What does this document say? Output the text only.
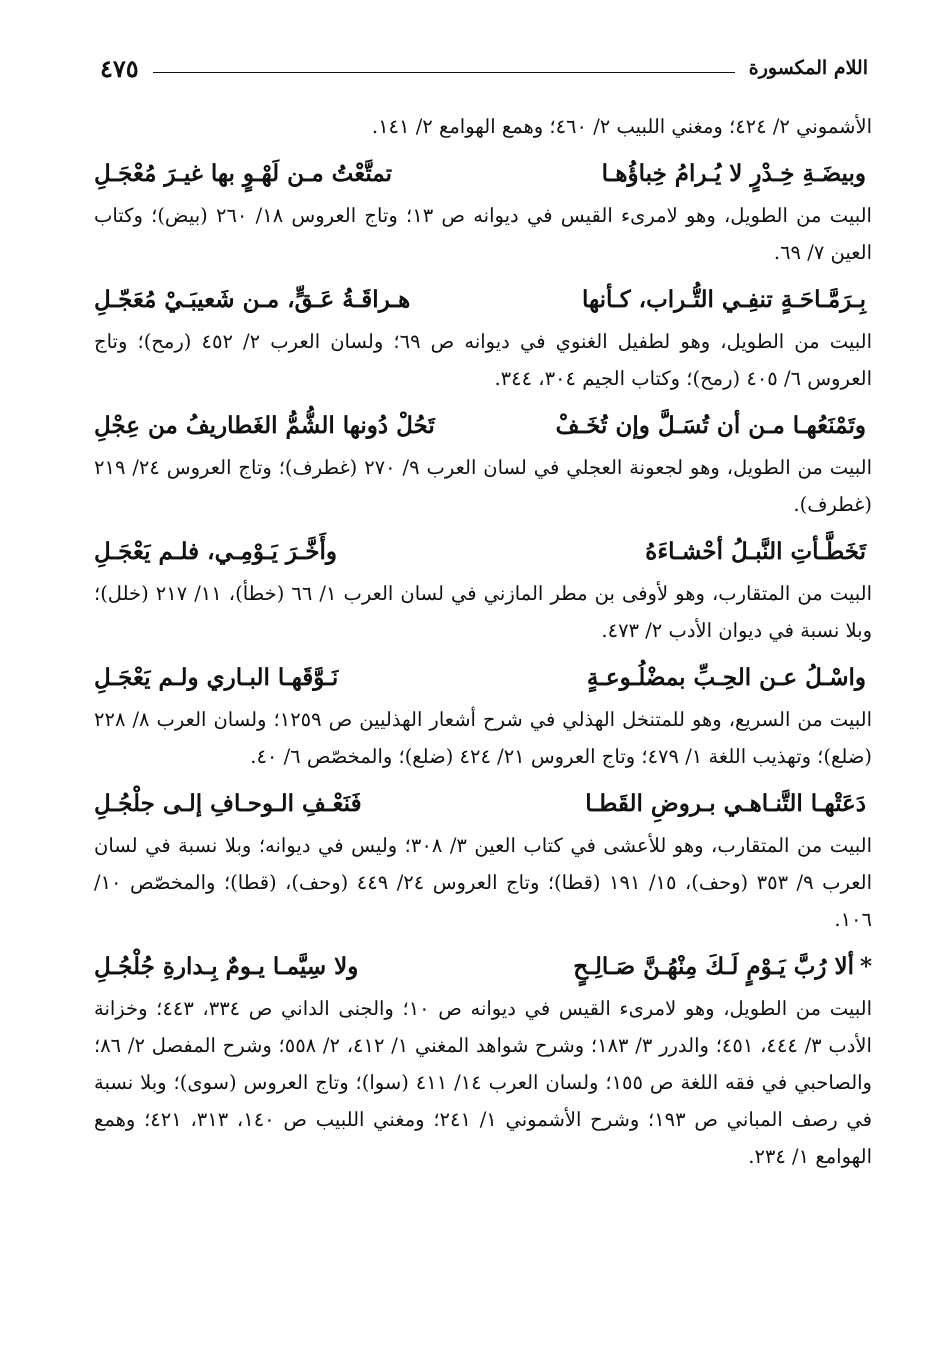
اللام المكسورة
٤٧٥

الأشموني ٢/ ٤٢٤؛ ومغني اللبيب ٢/ ٤٦٠؛ وهمع الهوامع ٢/ ١٤١.

وبيضَـةِ خِـدْرٍ لا يُـرامُ خِباؤُهـا
تمتَّعْتُ مـن لَهْـوٍ بها غيـرَ مُعْجَـلِ

البيت من الطويل، وهو لامرىء القيس في ديوانه ص ١٣؛ وتاج العروس ١٨/ ٢٦٠ (بيض)؛ وكتاب العين ٧/ ٦٩.

بِـرَمَّـاحَـةٍ تنفِـي التُّـراب، كـأنها
هـراقَـةُ عَـقٍّ، مـن شَعيبَـيْ مُعَجّـلِ

البيت من الطويل، وهو لطفيل الغنوي في ديوانه ص ٦٩؛ ولسان العرب ٢/ ٤٥٢ (رمح)؛ وتاج العروس ٦/ ٤٠٥ (رمح)؛ وكتاب الجيم ٣٠٤، ٣٤٤.

وتَمْنَعُهـا مـن أن تُسَـلَّ وإن تُخَـفْ
تَحُلْ دُونها الشُّمُّ الغَطاريفُ من عِجْلِ

البيت من الطويل، وهو لجعونة العجلي في لسان العرب ٩/ ٢٧٠ (غطرف)؛ وتاج العروس ٢٤/ ٢١٩ (غطرف).

تَخَطَّـأتِ النَّبـلُ أحْشـاءَهُ
وأَخَّـرَ يَـوْمِـي، فلـم يَعْجَـلِ

البيت من المتقارب، وهو لأوفى بن مطر المازني في لسان العرب ١/ ٦٦ (خطأ)، ١١/ ٢١٧ (خلل)؛ وبلا نسبة في ديوان الأدب ٢/ ٤٧٣.

واسْـلُ عـن الحِـبِّ بمضْلُـوعـةٍ
نَـوَّقَهـا البـاري ولـم يَعْجَـلِ

البيت من السريع، وهو للمتنخل الهذلي في شرح أشعار الهذليين ص ١٢٥٩؛ ولسان العرب ٨/ ٢٢٨ (ضلع)؛ وتهذيب اللغة ١/ ٤٧٩؛ وتاج العروس ٢١/ ٤٢٤ (ضلع)؛ والمخصّص ٦/ ٤٠.

دَعَتْهـا التَّنـاهـي بـروضِ القَطـا
فَنَعْـفِ الـوحـافِ إلـى جلْجُـلِ

البيت من المتقارب، وهو للأعشى في كتاب العين ٣/ ٣٠٨؛ وليس في ديوانه؛ وبلا نسبة في لسان العرب ٩/ ٣٥٣ (وحف)، ١٥/ ١٩١ (قطا)؛ وتاج العروس ٢٤/ ٤٤٩ (وحف)، (قطا)؛ والمخصّص ١٠/ ١٠٦.

*ألا رُبَّ يَـوْمٍ لَـكَ مِنْهُـنَّ صَـالِـحٍ
ولا سِيَّمـا يـومٌ بِـدارةِ جُلْجُـلِ

البيت من الطويل، وهو لامرىء القيس في ديوانه ص ١٠؛ والجنى الداني ص ٣٣٤، ٤٤٣؛ وخزانة الأدب ٣/ ٤٤٤، ٤٥١؛ والدرر ٣/ ١٨٣؛ وشرح شواهد المغني ١/ ٤١٢، ٢/ ٥٥٨؛ وشرح المفصل ٢/ ٨٦؛ والصاحبي في فقه اللغة ص ١٥٥؛ ولسان العرب ١٤/ ٤١١ (سوا)؛ وتاج العروس (سوى)؛ وبلا نسبة في رصف المباني ص ١٩٣؛ وشرح الأشموني ١/ ٢٤١؛ ومغني اللبيب ص ١٤٠، ٣١٣، ٤٢١؛ وهمع الهوامع ١/ ٢٣٤.
